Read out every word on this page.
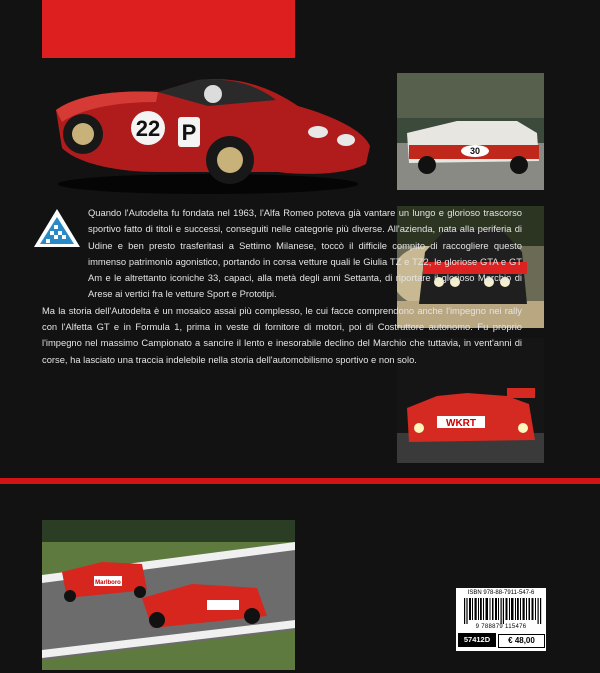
22 P
30
WKRT

Quando l'Autodelta fu fondata nel 1963, l'Alfa Romeo poteva già vantare un lungo e glorioso trascorso sportivo fatto di titoli e successi, conseguiti nelle categorie più diverse. All'azienda, nata alla periferia di Udine e ben presto trasferitasi a Settimo Milanese, toccò il difficile compito di raccogliere questo immenso patrimonio agonistico, portando in corsa vetture quali le Giulia TZ e TZ2, le gloriose GTA e GT Am e le altrettanto iconiche 33, capaci, alla metà degli anni Settanta, di riportare il glorioso Marchio di Arese ai vertici fra le vetture Sport e Prototipi.

Ma la storia dell'Autodelta è un mosaico assai più complesso, le cui facce comprendono anche l'impegno nei rally con l'Alfetta GT e in Formula 1, prima in veste di fornitore di motori, poi di Costruttore autonomo. Fu proprio l'impegno nel massimo Campionato a sancire il lento e inesorabile declino del Marchio che tuttavia, in vent'anni di corse, ha lasciato una traccia indelebile nella storia dell'automobilismo sportivo e non solo.

Marlboro
ISBN 978-88-7911-547-6
9 788879 115476
57412D	€ 48,00
